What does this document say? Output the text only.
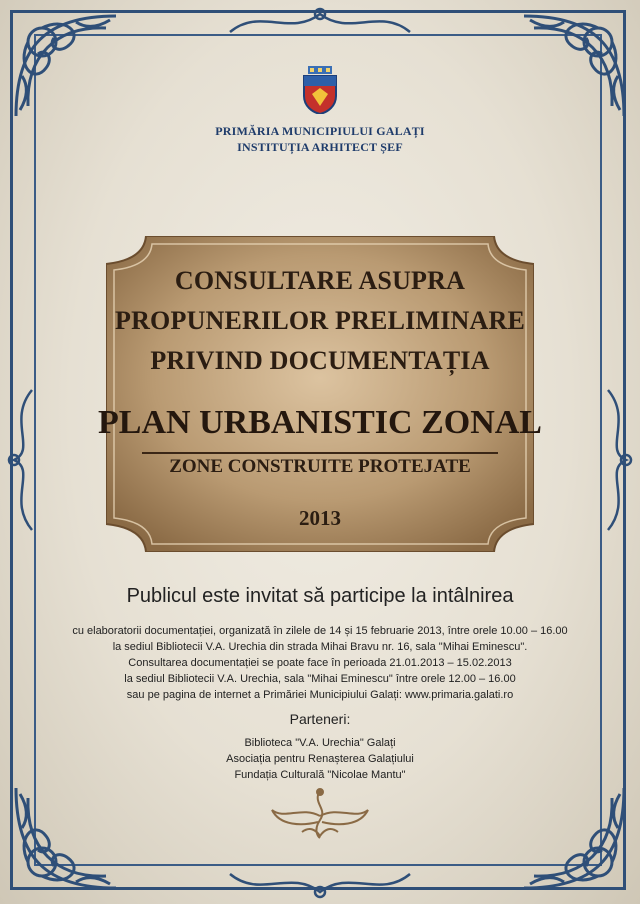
PRIMĂRIA MUNICIPIULUI GALAȚI
INSTITUȚIA ARHITECT ȘEF
CONSULTARE ASUPRA
PROPUNERILOR PRELIMINARE
PRIVIND DOCUMENTAȚIA
PLAN URBANISTIC ZONAL
ZONE CONSTRUITE PROTEJATE
2013
Publicul este invitat să participe la intâlnirea
cu elaboratorii documentației, organizată în zilele de 14 și 15 februarie 2013, între orele 10.00 – 16.00
la sediul Bibliotecii V.A. Urechia din strada Mihai Bravu nr. 16, sala "Mihai Eminescu".
Consultarea documentației se poate face în perioada 21.01.2013 – 15.02.2013
la sediul Bibliotecii V.A. Urechia, sala "Mihai Eminescu" între orele 12.00 – 16.00
sau pe pagina de internet a Primăriei Municipiului Galați: www.primaria.galati.ro
Parteneri:
Biblioteca "V.A. Urechia" Galați
Asociația pentru Renașterea Galațiului
Fundația Culturală "Nicolae Mantu"
